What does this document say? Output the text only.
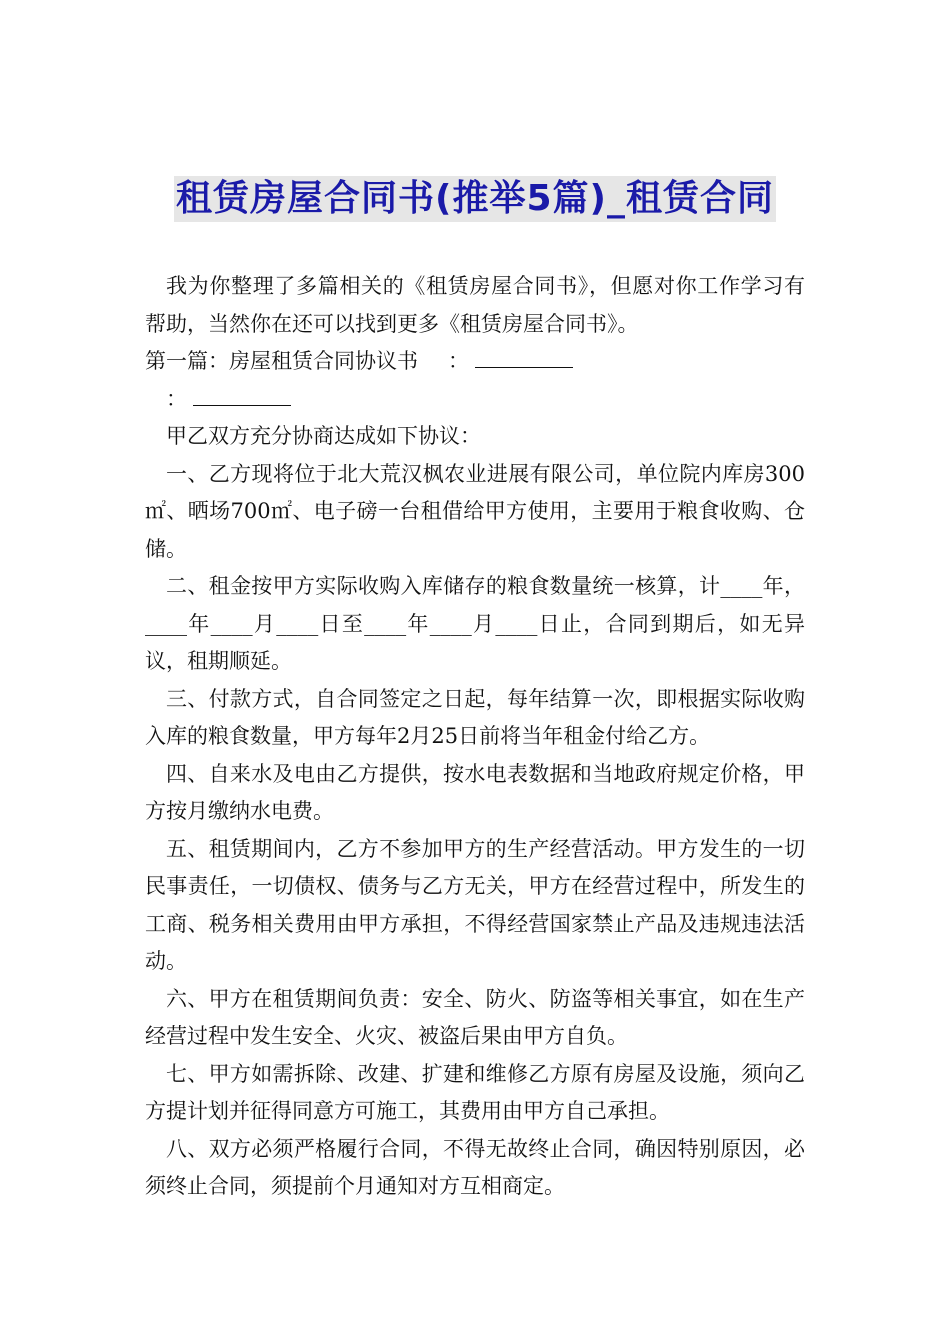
租赁房屋合同书(推举5篇)_租赁合同

我为你整理了多篇相关的《租赁房屋合同书》，但愿对你工作学习有帮助，当然你在还可以找到更多《租赁房屋合同书》。

第一篇：房屋租赁合同协议书 ：

：

甲乙双方充分协商达成如下协议：

一、乙方现将位于北大荒汉枫农业进展有限公司，单位院内库房300㎡、晒场700㎡、电子磅一台租借给甲方使用，主要用于粮食收购、仓储。

二、租金按甲方实际收购入库储存的粮食数量统一核算，计____年，____年____月____日至____年____月____日止，合同到期后，如无异议，租期顺延。

三、付款方式，自合同签定之日起，每年结算一次，即根据实际收购入库的粮食数量，甲方每年2月25日前将当年租金付给乙方。

四、自来水及电由乙方提供，按水电表数据和当地政府规定价格，甲方按月缴纳水电费。

五、租赁期间内，乙方不参加甲方的生产经营活动。甲方发生的一切民事责任，一切债权、债务与乙方无关，甲方在经营过程中，所发生的工商、税务相关费用由甲方承担，不得经营国家禁止产品及违规违法活动。

六、甲方在租赁期间负责：安全、防火、防盗等相关事宜，如在生产经营过程中发生安全、火灾、被盗后果由甲方自负。

七、甲方如需拆除、改建、扩建和维修乙方原有房屋及设施，须向乙方提计划并征得同意方可施工，其费用由甲方自己承担。

八、双方必须严格履行合同，不得无故终止合同，确因特别原因，必须终止合同，须提前个月通知对方互相商定。
